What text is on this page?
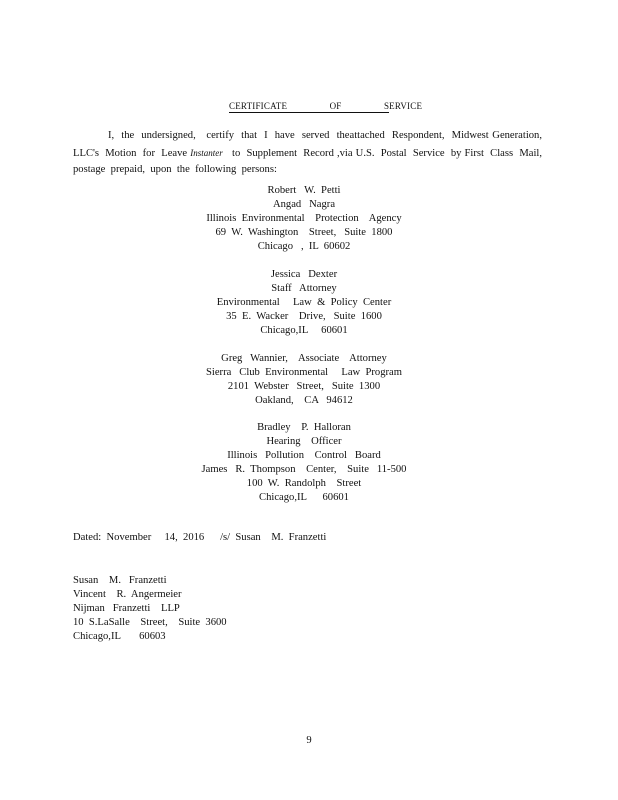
CERTIFICATE OF SERVICE
I,  the  undersigned,   certify  that  I  have  served  theattached  Respondent,  Midwest Generation,  LLC's  Motion  for  Leave Instanter   to  Supplement  Record ,via U.S.  Postal  Service  by First  Class  Mail,  postage  prepaid,  upon  the  following  persons:
Robert   W.  Petti
Angad   Nagra
Illinois  Environmental    Protection    Agency
69  W.  Washington    Street,   Suite  1800
Chicago   ,  IL  60602
Jessica   Dexter
Staff   Attorney
Environmental     Law  &  Policy  Center
35  E.  Wacker    Drive,   Suite  1600
Chicago,IL     60601
Greg   Wannier,    Associate    Attorney
Sierra   Club  Environmental     Law  Program
2101  Webster   Street,   Suite  1300
Oakland,    CA   94612
Bradley    P.  Halloran
Hearing    Officer
Illinois   Pollution    Control   Board
James   R.  Thompson    Center,    Suite   11-500
100  W.  Randolph    Street
Chicago,IL      60601
Dated:  November     14,  2016      /s/  Susan    M.  Franzetti
Susan    M.   Franzetti
Vincent    R.  Angermeier
Nijman   Franzetti    LLP
10  S.LaSalle    Street,    Suite  3600
Chicago,IL       60603
9
